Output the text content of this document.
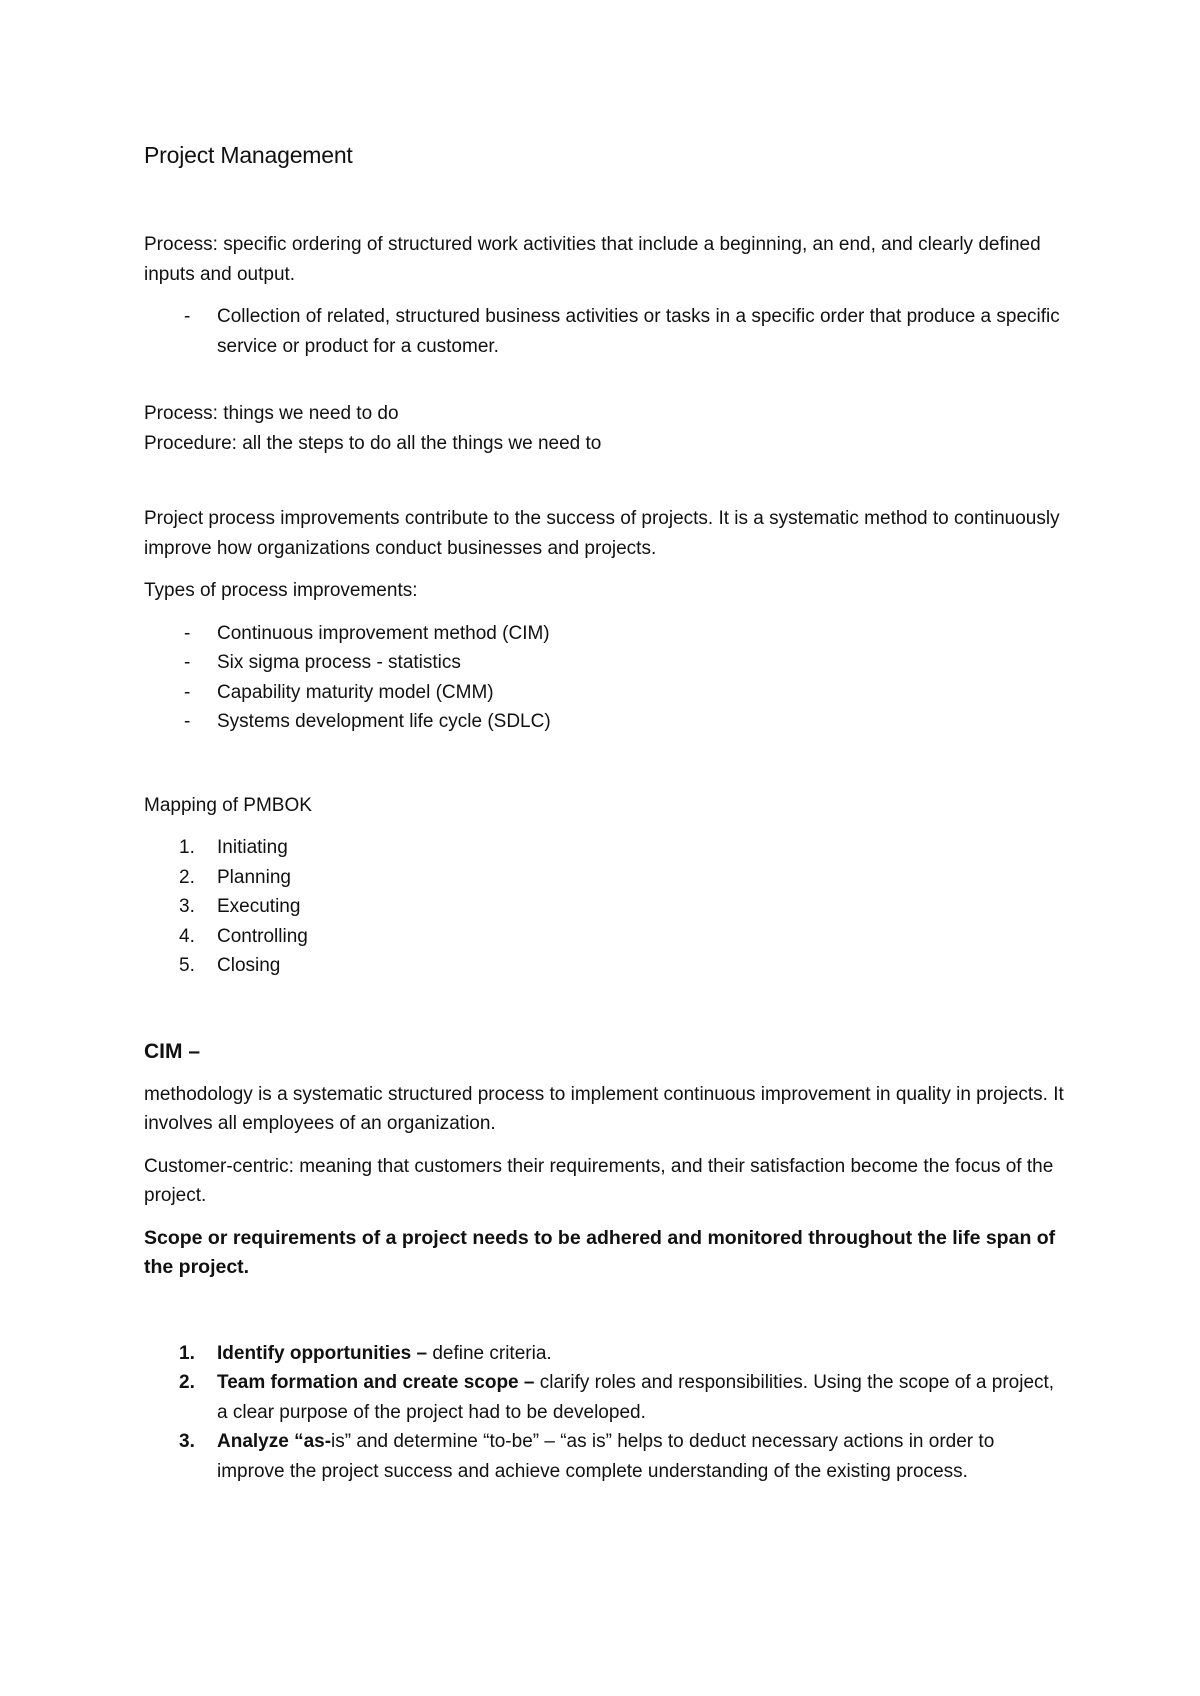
Project Management

Process: specific ordering of structured work activities that include a beginning, an end, and clearly defined inputs and output.

- Collection of related, structured business activities or tasks in a specific order that produce a specific service or product for a customer.

Process: things we need to do

Procedure: all the steps to do all the things we need to

Project process improvements contribute to the success of projects. It is a systematic method to continuously improve how organizations conduct businesses and projects.

Types of process improvements:

- Continuous improvement method (CIM)
- Six sigma process - statistics
- Capability maturity model (CMM)
- Systems development life cycle (SDLC)

Mapping of PMBOK

1. Initiating
2. Planning
3. Executing
4. Controlling
5. Closing
CIM –

methodology is a systematic structured process to implement continuous improvement in quality in projects. It involves all employees of an organization.

Customer-centric: meaning that customers their requirements, and their satisfaction become the focus of the project.

Scope or requirements of a project needs to be adhered and monitored throughout the life span of the project.

1. Identify opportunities – define criteria.
2. Team formation and create scope – clarify roles and responsibilities. Using the scope of a project, a clear purpose of the project had to be developed.
3. Analyze “as-is” and determine “to-be” – “as is” helps to deduct necessary actions in order to improve the project success and achieve complete understanding of the existing process.
